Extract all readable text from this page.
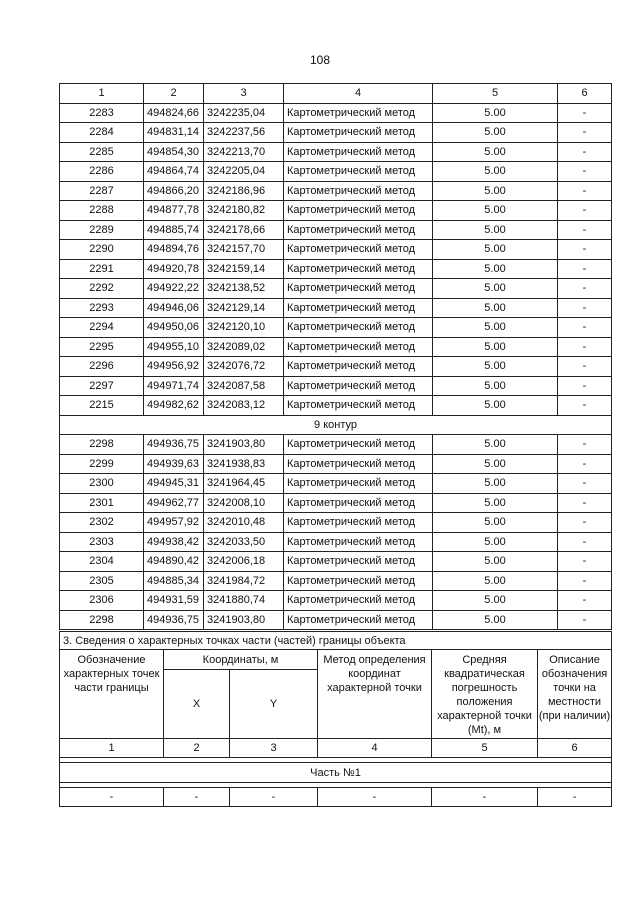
108
1	2	3	4	5	6
2283	494824,66	3242235,04	Картометрический метод	5.00	-
2284	494831,14	3242237,56	Картометрический метод	5.00	-
2285	494854,30	3242213,70	Картометрический метод	5.00	-
2286	494864,74	3242205,04	Картометрический метод	5.00	-
2287	494866,20	3242186,96	Картометрический метод	5.00	-
2288	494877,78	3242180,82	Картометрический метод	5.00	-
2289	494885,74	3242178,66	Картометрический метод	5.00	-
2290	494894,76	3242157,70	Картометрический метод	5.00	-
2291	494920,78	3242159,14	Картометрический метод	5.00	-
2292	494922,22	3242138,52	Картометрический метод	5.00	-
2293	494946,06	3242129,14	Картометрический метод	5.00	-
2294	494950,06	3242120,10	Картометрический метод	5.00	-
2295	494955,10	3242089,02	Картометрический метод	5.00	-
2296	494956,92	3242076,72	Картометрический метод	5.00	-
2297	494971,74	3242087,58	Картометрический метод	5.00	-
2215	494982,62	3242083,12	Картометрический метод	5.00	-
9 контур					
2298	494936,75	3241903,80	Картометрический метод	5.00	-
2299	494939,63	3241938,83	Картометрический метод	5.00	-
2300	494945,31	3241964,45	Картометрический метод	5.00	-
2301	494962,77	3242008,10	Картометрический метод	5.00	-
2302	494957,92	3242010,48	Картометрический метод	5.00	-
2303	494938,42	3242033,50	Картометрический метод	5.00	-
2304	494890,42	3242006,18	Картометрический метод	5.00	-
2305	494885,34	3241984,72	Картометрический метод	5.00	-
2306	494931,59	3241880,74	Картометрический метод	5.00	-
2298	494936,75	3241903,80	Картометрический метод	5.00	-
3. Сведения о характерных точках части (частей) границы объекта					
Обозначение характерных точек части границы	Координаты, м		Метод определения координат характерной точки	Средняя квадратическая погрешность положения характерной точки (Mt), м	Описание обозначения точки на местности (при наличии)
	X	Y			
1	2	3	4	5	6

Часть №1					

-	-	-	-	-	-
